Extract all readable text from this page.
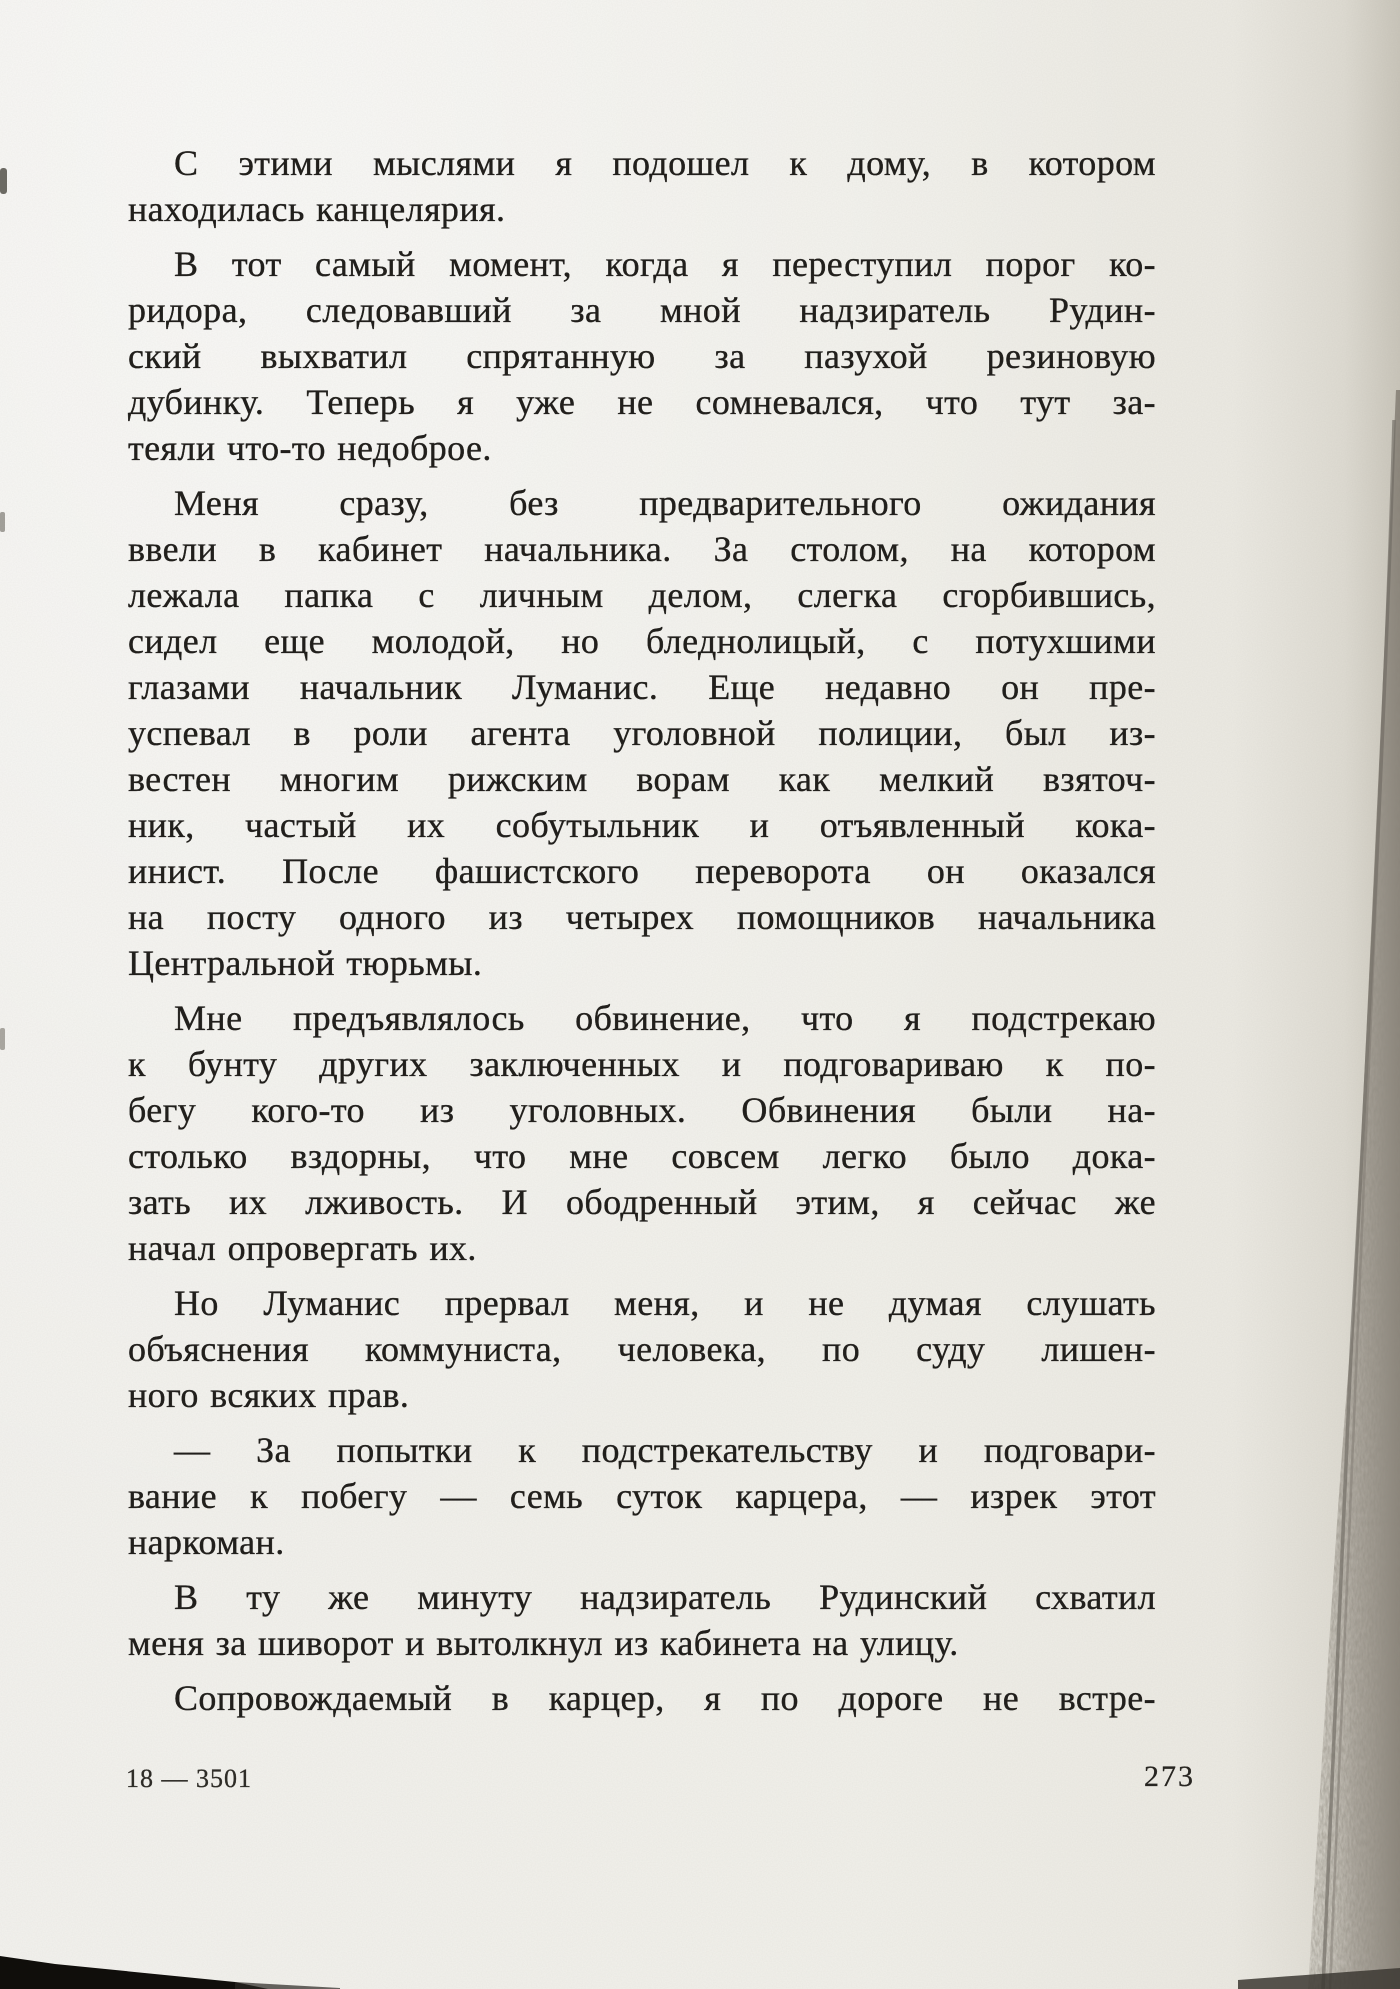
С этими мыслями я подошел к дому, в котором
находилась канцелярия.
В тот самый момент, когда я переступил порог ко-
ридора, следовавший за мной надзиратель Рудин-
ский выхватил спрятанную за пазухой резиновую
дубинку. Теперь я уже не сомневался, что тут за-
теяли что-то недоброе.
Меня сразу, без предварительного ожидания
ввели в кабинет начальника. За столом, на котором
лежала папка с личным делом, слегка сгорбившись,
сидел еще молодой, но бледнолицый, с потухшими
глазами начальник Луманис. Еще недавно он пре-
успевал в роли агента уголовной полиции, был из-
вестен многим рижским ворам как мелкий взяточ-
ник, частый их собутыльник и отъявленный кока-
инист. После фашистского переворота он оказался
на посту одного из четырех помощников начальника
Центральной тюрьмы.
Мне предъявлялось обвинение, что я подстрекаю
к бунту других заключенных и подговариваю к по-
бегу кого-то из уголовных. Обвинения были на-
столько вздорны, что мне совсем легко было дока-
зать их лживость. И ободренный этим, я сейчас же
начал опровергать их.
Но Луманис прервал меня, и не думая слушать
объяснения коммуниста, человека, по суду лишен-
ного всяких прав.
— За попытки к подстрекательству и подговари-
вание к побегу — семь суток карцера, — изрек этот
наркоман.
В ту же минуту надзиратель Рудинский схватил
меня за шиворот и вытолкнул из кабинета на улицу.
Сопровождаемый в карцер, я по дороге не встре-
18 — 3501	273
